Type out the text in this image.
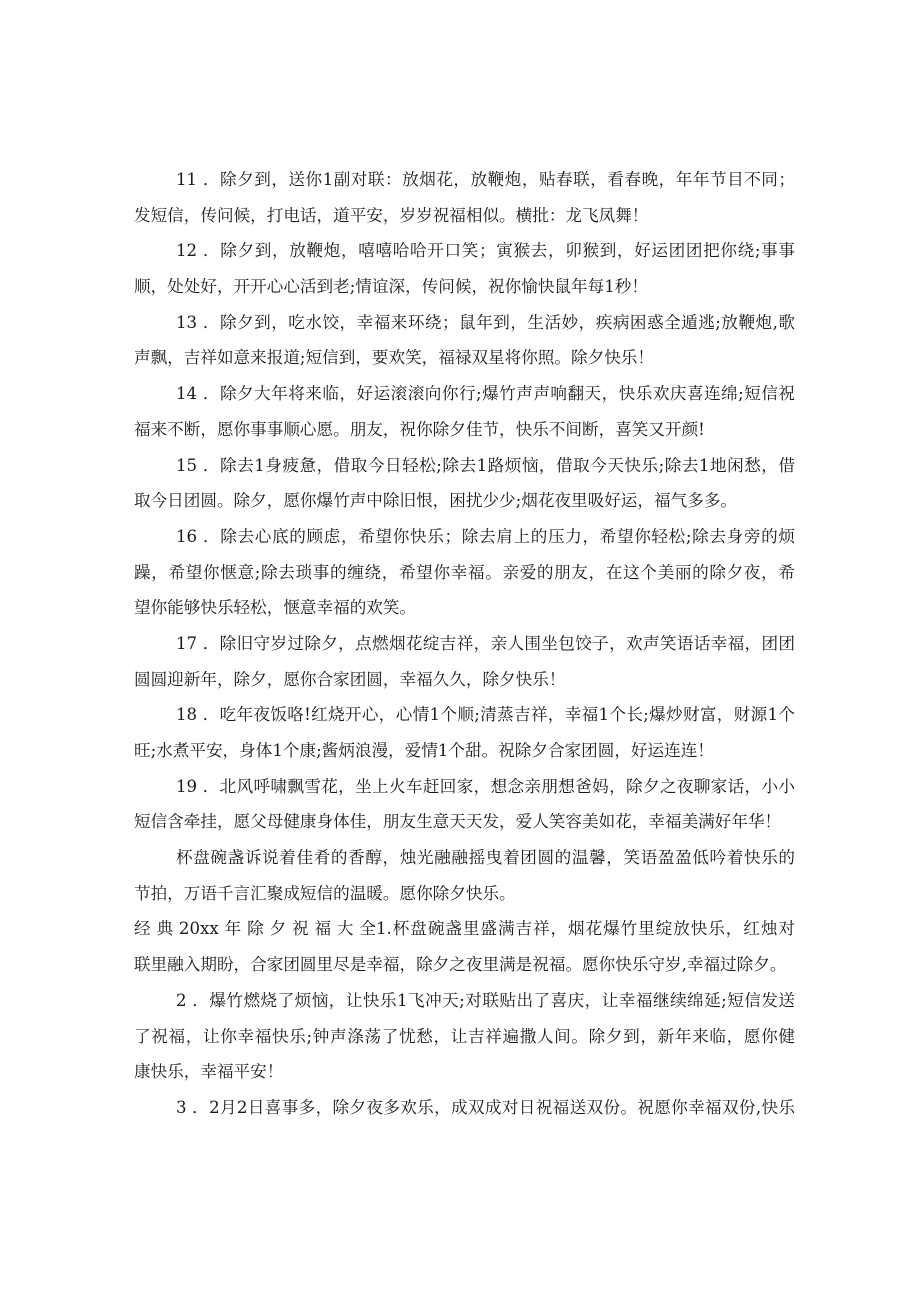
11 ．除夕到，送你1副对联：放烟花，放鞭炮，贴春联，看春晚，年年节目不同；
发短信，传问候，打电话，道平安，岁岁祝福相似。横批：龙飞凤舞！
12 ．除夕到，放鞭炮，嘻嘻哈哈开口笑；寅猴去，卯猴到，好运团团把你绕;事事
顺，处处好，开开心心活到老;情谊深，传问候，祝你愉快鼠年每1秒！
13 ．除夕到，吃水饺，幸福来环绕；鼠年到，生活妙，疾病困惑全遁逃;放鞭炮,歌
声飘，吉祥如意来报道;短信到，要欢笑，福禄双星将你照。除夕快乐！
14 ．除夕大年将来临，好运滚滚向你行;爆竹声声响翻天，快乐欢庆喜连绵;短信祝
福来不断，愿你事事顺心愿。朋友，祝你除夕佳节，快乐不间断，喜笑又开颜!
15 ．除去1身疲惫，借取今日轻松;除去1路烦恼，借取今天快乐;除去1地闲愁，借
取今日团圆。除夕，愿你爆竹声中除旧恨，困扰少少;烟花夜里吸好运，福气多多。
16 ．除去心底的顾虑，希望你快乐；除去肩上的压力，希望你轻松;除去身旁的烦
躁，希望你惬意;除去琐事的缠绕，希望你幸福。亲爱的朋友，在这个美丽的除夕夜，希
望你能够快乐轻松，惬意幸福的欢笑。
17 ．除旧守岁过除夕，点燃烟花绽吉祥，亲人围坐包饺子，欢声笑语话幸福，团团
圆圆迎新年，除夕，愿你合家团圆，幸福久久，除夕快乐！
18 ．吃年夜饭咯!红烧开心，心情1个顺;清蒸吉祥，幸福1个长;爆炒财富，财源1个
旺;水煮平安，身体1个康;酱炳浪漫，爱情1个甜。祝除夕合家团圆，好运连连！
19 ．北风呼啸飘雪花，坐上火车赶回家，想念亲朋想爸妈，除夕之夜聊家话，小小
短信含牵挂，愿父母健康身体佳，朋友生意天天发，爱人笑容美如花，幸福美满好年华！
杯盘碗盏诉说着佳肴的香醇，烛光融融摇曳着团圆的温馨，笑语盈盈低吟着快乐的
节拍，万语千言汇聚成短信的温暖。愿你除夕快乐。
经典20xx年除夕祝福大全 1.杯盘碗盏里盛满吉祥，烟花爆竹里绽放快乐，红烛对
联里融入期盼，合家团圆里尽是幸福，除夕之夜里满是祝福。愿你快乐守岁,幸福过除夕。
2 ．爆竹燃烧了烦恼，让快乐1飞冲天;对联贴出了喜庆，让幸福继续绵延;短信发送
了祝福，让你幸福快乐;钟声涤荡了忧愁，让吉祥遍撒人间。除夕到，新年来临，愿你健
康快乐，幸福平安！
3 ．2月2日喜事多，除夕夜多欢乐，成双成对日祝福送双份。祝愿你幸福双份,快乐
